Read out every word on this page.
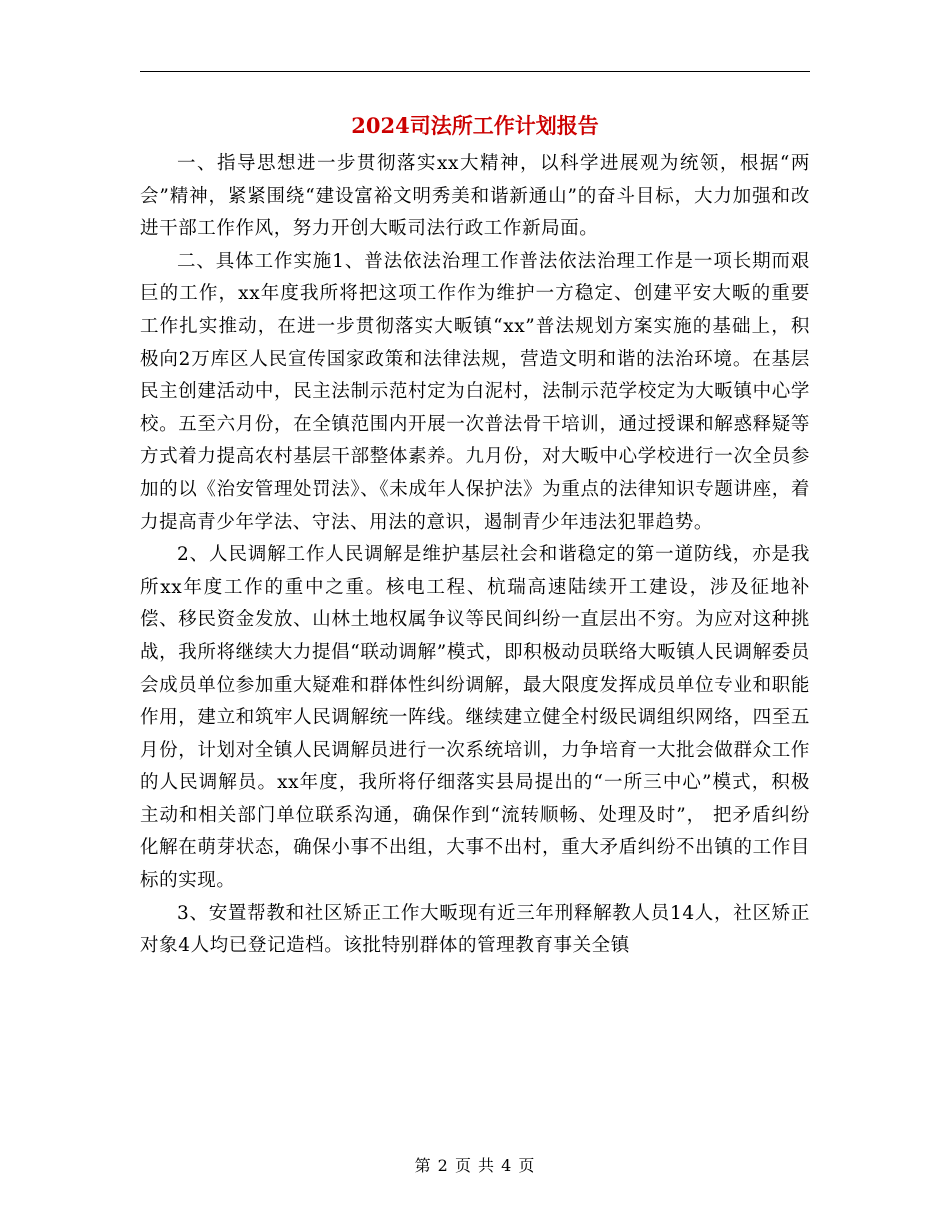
2024司法所工作计划报告

一、指导思想进一步贯彻落实xx大精神，以科学进展观为统领，根据“两会”精神，紧紧围绕“建设富裕文明秀美和谐新通山”的奋斗目标，大力加强和改进干部工作作风，努力开创大畈司法行政工作新局面。

二、具体工作实施1、普法依法治理工作普法依法治理工作是一项长期而艰巨的工作，xx年度我所将把这项工作作为维护一方稳定、创建平安大畈的重要工作扎实推动，在进一步贯彻落实大畈镇“xx”普法规划方案实施的基础上，积极向2万库区人民宣传国家政策和法律法规，营造文明和谐的法治环境。在基层民主创建活动中，民主法制示范村定为白泥村，法制示范学校定为大畈镇中心学校。五至六月份，在全镇范围内开展一次普法骨干培训，通过授课和解惑释疑等方式着力提高农村基层干部整体素养。九月份，对大畈中心学校进行一次全员参加的以《治安管理处罚法》、《未成年人保护法》为重点的法律知识专题讲座，着力提高青少年学法、守法、用法的意识，遏制青少年违法犯罪趋势。

2、人民调解工作人民调解是维护基层社会和谐稳定的第一道防线，亦是我所xx年度工作的重中之重。核电工程、杭瑞高速陆续开工建设，涉及征地补偿、移民资金发放、山林土地权属争议等民间纠纷一直层出不穷。为应对这种挑战，我所将继续大力提倡“联动调解”模式，即积极动员联络大畈镇人民调解委员会成员单位参加重大疑难和群体性纠纷调解，最大限度发挥成员单位专业和职能作用，建立和筑牢人民调解统一阵线。继续建立健全村级民调组织网络，四至五月份，计划对全镇人民调解员进行一次系统培训，力争培育一大批会做群众工作的人民调解员。xx年度，我所将仔细落实县局提出的“一所三中心”模式，积极主动和相关部门单位联系沟通，确保作到“流转顺畅、处理及时”， 把矛盾纠纷化解在萌芽状态，确保小事不出组，大事不出村，重大矛盾纠纷不出镇的工作目标的实现。

3、安置帮教和社区矫正工作大畈现有近三年刑释解教人员14人，社区矫正对象4人均已登记造档。该批特别群体的管理教育事关全镇

第 2 页 共 4 页
